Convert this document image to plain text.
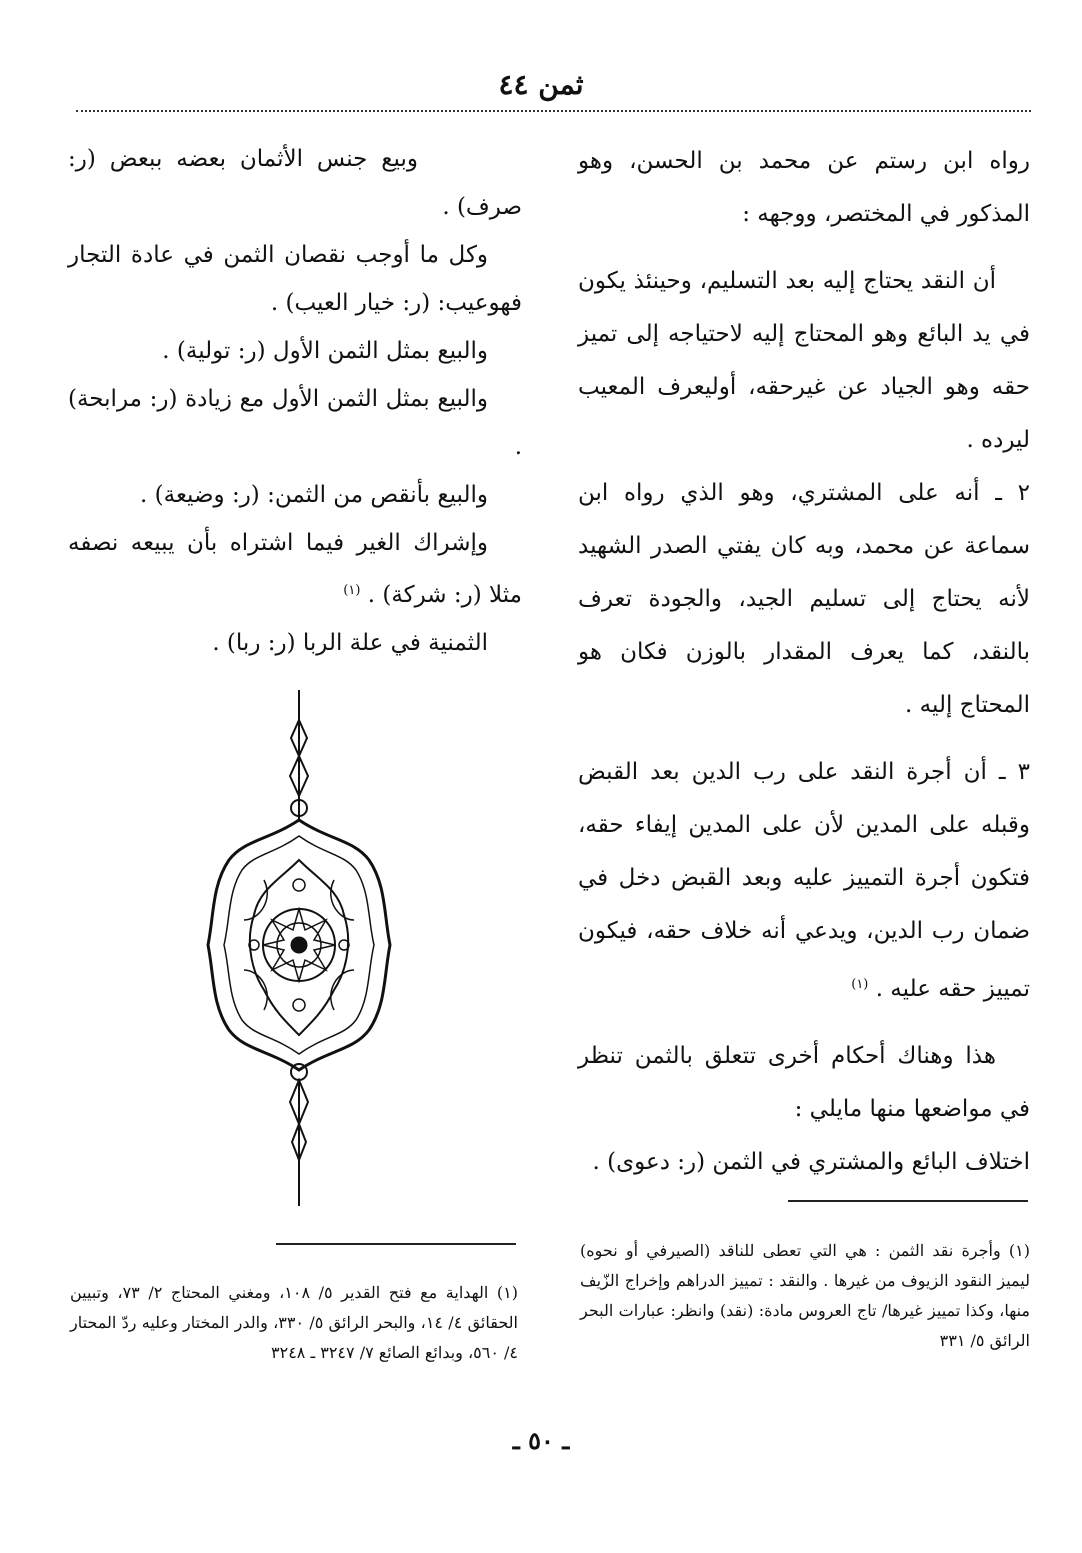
ثمن ٤٤

رواه ابن رستم عن محمد بن الحسن، وهو المذكور في المختصر، ووجهه :

أن النقد يحتاج إليه بعد التسليم، وحينئذ يكون في يد البائع وهو المحتاج إليه لاحتياجه إلى تميز حقه وهو الجياد عن غيرحقه، أوليعرف المعيب ليرده .

٢ ـ أنه على المشتري، وهو الذي رواه ابن سماعة عن محمد، وبه كان يفتي الصدر الشهيد لأنه يحتاج إلى تسليم الجيد، والجودة تعرف بالنقد، كما يعرف المقدار بالوزن فكان هو المحتاج إليه .

٣ ـ أن أجرة النقد على رب الدين بعد القبض وقبله على المدين لأن على المدين إيفاء حقه، فتكون أجرة التمييز عليه وبعد القبض دخل في ضمان رب الدين، ويدعي أنه خلاف حقه، فيكون تمييز حقه عليه . $^{(١)}$

هذا وهناك أحكام أخرى تتعلق بالثمن تنظر في مواضعها منها مايلي :

اختلاف البائع والمشتري في الثمن (ر: دعوى) .

وبيع جنس الأثمان بعضه ببعض (ر: صرف) .

وكل ما أوجب نقصان الثمن في عادة التجار فهوعيب: (ر: خيار العيب) .

والبيع بمثل الثمن الأول (ر: تولية) .

والبيع بمثل الثمن الأول مع زيادة (ر: مرابحة) .

والبيع بأنقص من الثمن: (ر: وضيعة) .

وإشراك الغير فيما اشتراه بأن يبيعه نصفه مثلا (ر: شركة) . $^{(١)}$

الثمنية في علة الربا (ر: ربا) .

(١) وأجرة نقد الثمن : هي التي تعطى للناقد (الصيرفي أو نحوه) ليميز النقود الزيوف من غيرها . والنقد : تمييز الدراهم وإخراج الزّيف منها، وكذا تمييز غيرها/ تاج العروس مادة: (نقد) وانظر: عبارات البحر الرائق ٥/ ٣٣١

(١) الهداية مع فتح القدير ٥/ ١٠٨، ومغني المحتاج ٢/ ٧٣، وتبيين الحقائق ٤/ ١٤، والبحر الرائق ٥/ ٣٣٠، والدر المختار وعليه ردّ المحتار ٤/ ٥٦٠، وبدائع الصائع ٧/ ٣٢٤٧ ـ ٣٢٤٨

ـ ٥٠ ـ
